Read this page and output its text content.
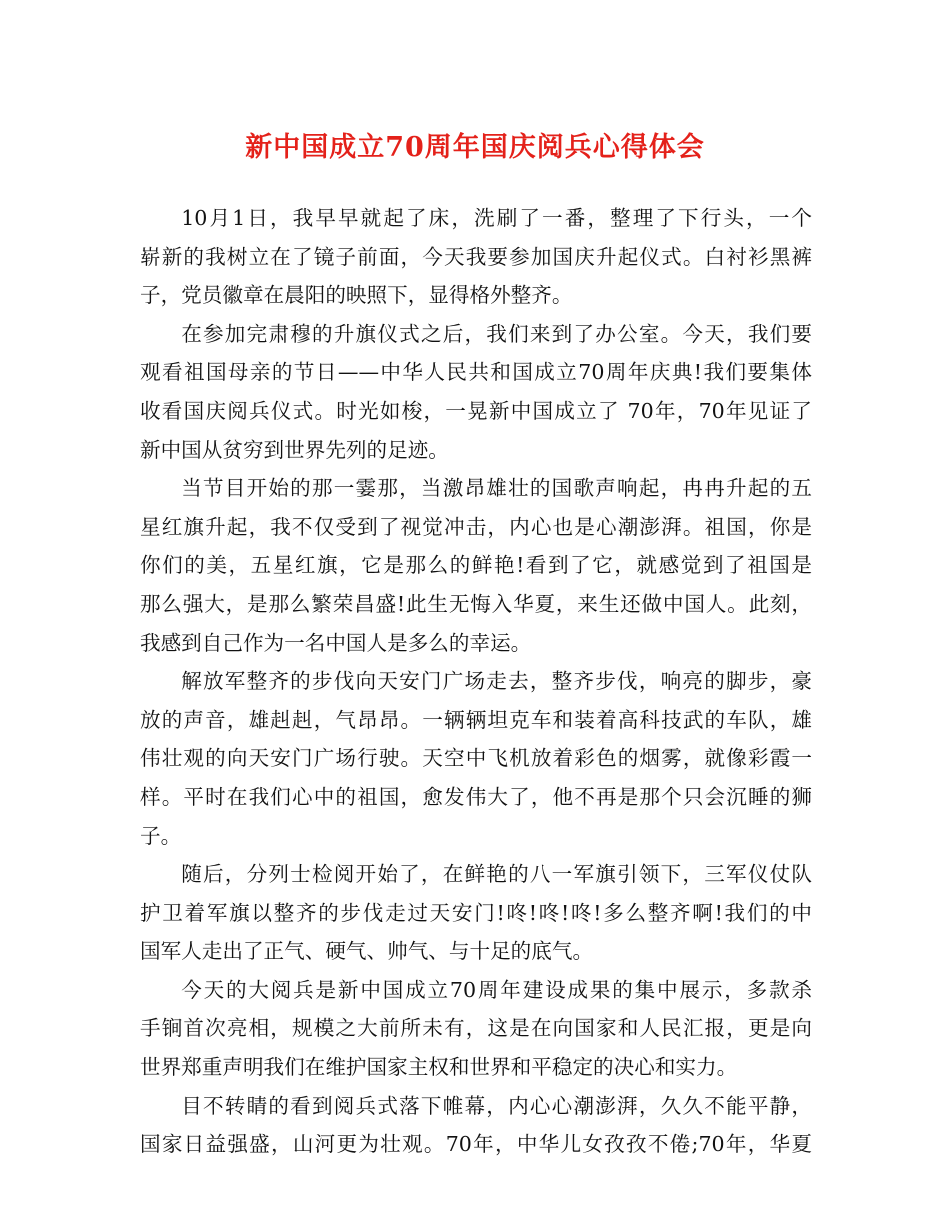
新中国成立70周年国庆阅兵心得体会
10月1日，我早早就起了床，洗刷了一番，整理了下行头，一个
崭新的我树立在了镜子前面，今天我要参加国庆升起仪式。白衬衫黑裤
子，党员徽章在晨阳的映照下，显得格外整齐。
在参加完肃穆的升旗仪式之后，我们来到了办公室。今天，我们要
观看祖国母亲的节日——中华人民共和国成立70周年庆典!我们要集体
收看国庆阅兵仪式。时光如梭，一晃新中国成立了 70年，70年见证了
新中国从贫穷到世界先列的足迹。
当节目开始的那一霎那，当激昂雄壮的国歌声响起，冉冉升起的五
星红旗升起，我不仅受到了视觉冲击，内心也是心潮澎湃。祖国，你是
你们的美，五星红旗，它是那么的鲜艳!看到了它，就感觉到了祖国是
那么强大，是那么繁荣昌盛!此生无悔入华夏，来生还做中国人。此刻，
我感到自己作为一名中国人是多么的幸运。
解放军整齐的步伐向天安门广场走去，整齐步伐，响亮的脚步，豪
放的声音，雄赳赳，气昂昂。一辆辆坦克车和装着高科技武的车队，雄
伟壮观的向天安门广场行驶。天空中飞机放着彩色的烟雾，就像彩霞一
样。平时在我们心中的祖国，愈发伟大了，他不再是那个只会沉睡的狮
子。
随后，分列士检阅开始了，在鲜艳的八一军旗引领下，三军仪仗队
护卫着军旗以整齐的步伐走过天安门!咚!咚!咚!多么整齐啊!我们的中
国军人走出了正气、硬气、帅气、与十足的底气。
今天的大阅兵是新中国成立70周年建设成果的集中展示，多款杀
手锏首次亮相，规模之大前所未有，这是在向国家和人民汇报，更是向
世界郑重声明我们在维护国家主权和世界和平稳定的决心和实力。
目不转睛的看到阅兵式落下帷幕，内心心潮澎湃，久久不能平静，
国家日益强盛，山河更为壮观。70年，中华儿女孜孜不倦;70年，华夏
